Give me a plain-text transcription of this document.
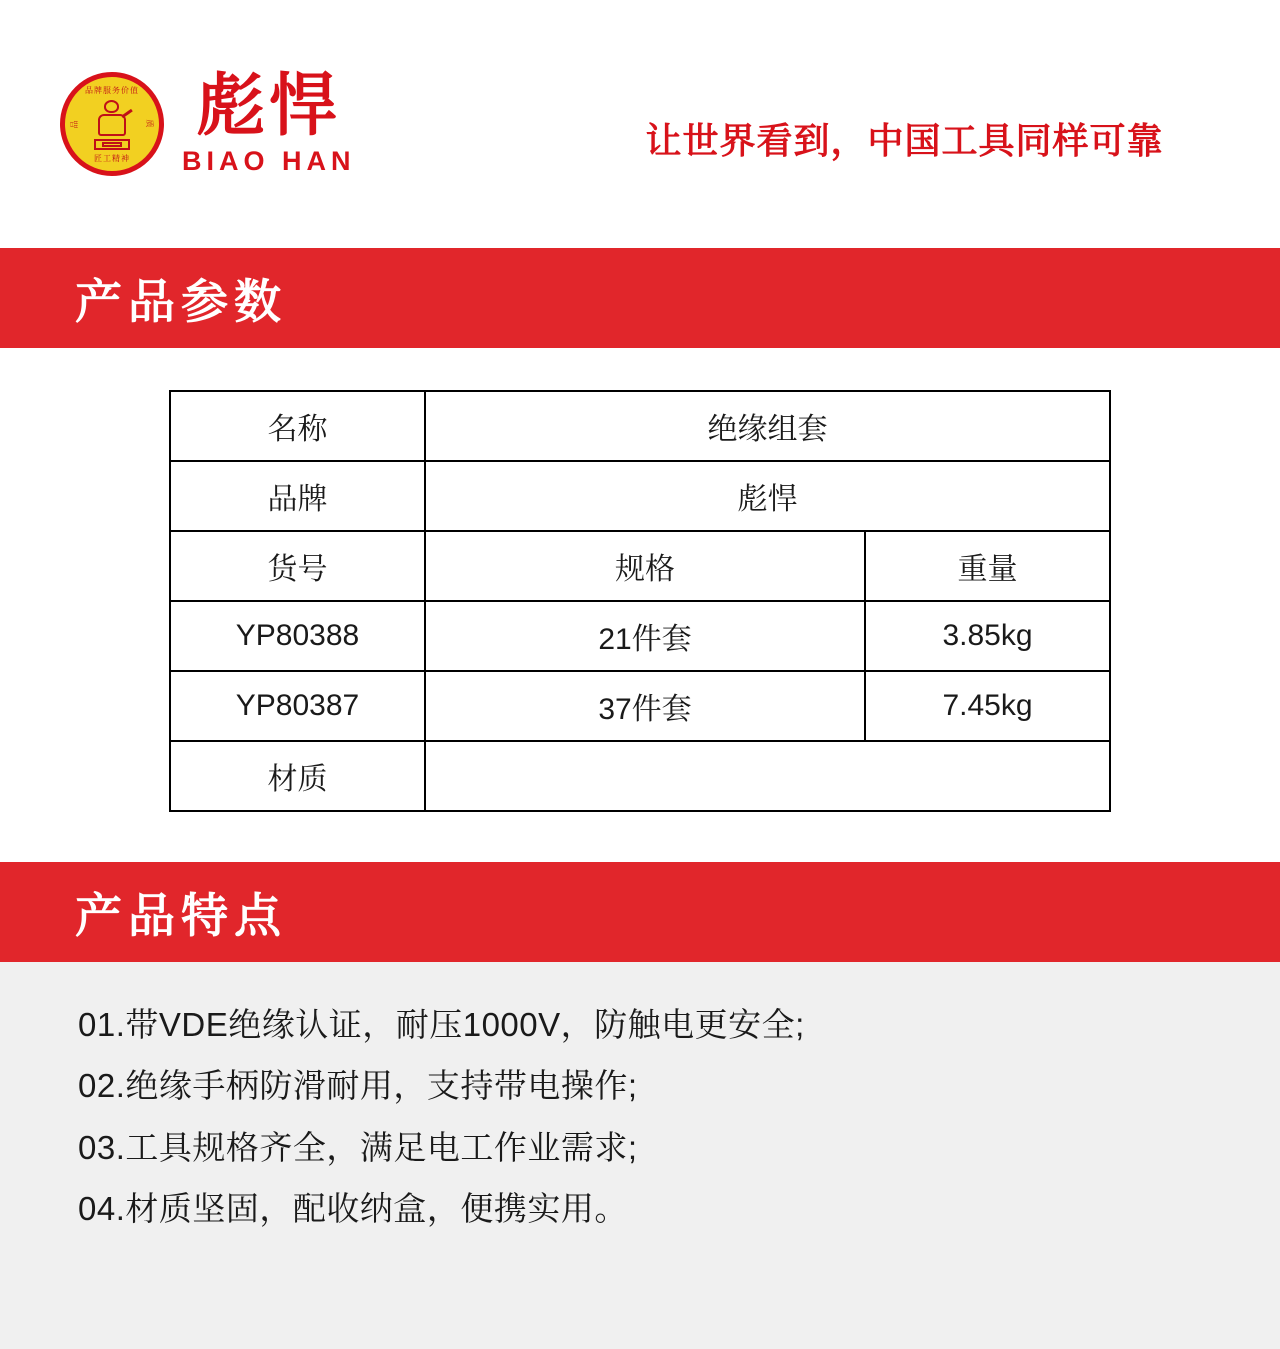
品牌服务价值
匠工精神
品	质 彪悍
BIAO HAN	让世界看到，中国工具同样可靠
产品参数
名称	绝缘组套	
品牌	彪悍	
货号	规格	重量
YP80388	21件套	3.85kg
YP80387	37件套	7.45kg
材质		
产品特点

01.带VDE绝缘认证，耐压1000V，防触电更安全;

02.绝缘手柄防滑耐用，支持带电操作;

03.工具规格齐全，满足电工作业需求;

04.材质坚固，配收纳盒，便携实用。
